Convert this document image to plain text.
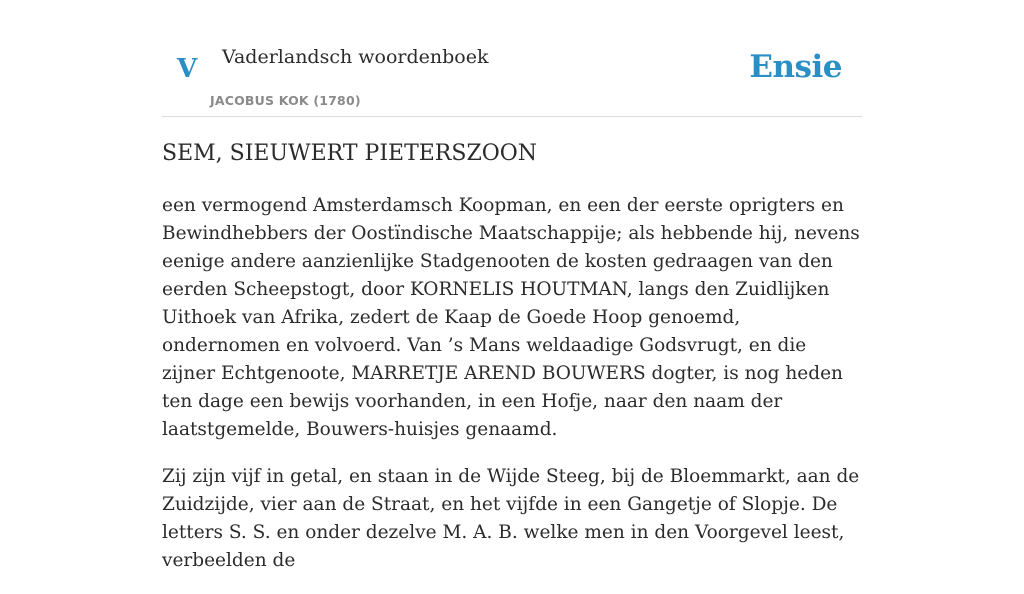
V Vaderlandsch woordenboek
JACOBUS KOK (1780)
Ensie
SEM, SIEUWERT PIETERSZOON

een vermogend Amsterdamsch Koopman, en een der eerste oprigters en Bewindhebbers der Oostïndische Maatschappije; als hebbende hij, nevens eenige andere aanzienlijke Stadgenooten de kosten gedraagen van den eerden Scheepstogt, door KORNELIS HOUTMAN, langs den Zuidlijken Uithoek van Afrika, zedert de Kaap de Goede Hoop genoemd, ondernomen en volvoerd. Van ’s Mans weldaadige Godsvrugt, en die zijner Echtgenoote, MARRETJE AREND BOUWERS dogter, is nog heden ten dage een bewijs voorhanden, in een Hofje, naar den naam der laatstgemelde, Bouwers-huisjes genaamd.

Zij zijn vijf in getal, en staan in de Wijde Steeg, bij de Bloemmarkt, aan de Zuidzijde, vier aan de Straat, en het vijfde in een Gangetje of Slopje. De letters S. S. en onder dezelve M. A. B. welke men in den Voorgevel leest, verbeelden de
